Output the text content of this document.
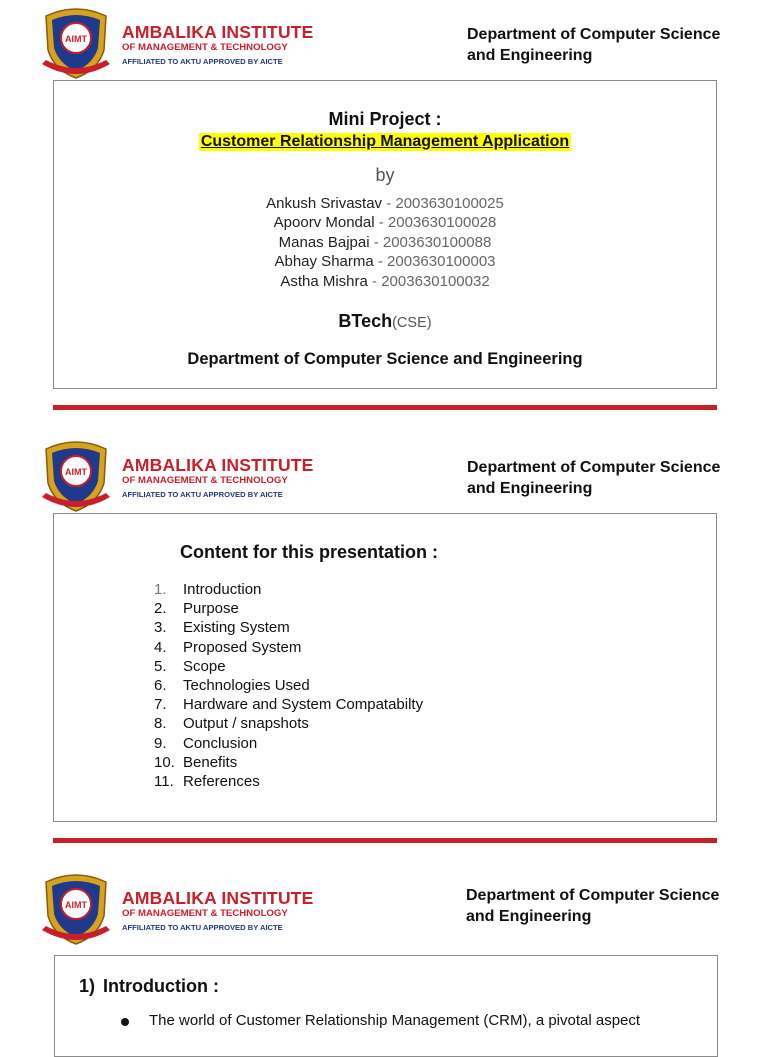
AIMT AMBALIKA INSTITUTE
OF MANAGEMENT & TECHNOLOGY
AFFILIATED TO AKTU APPROVED BY AICTE
Department of Computer Science
and Engineering
Mini Project :
Customer Relationship Management Application
by
Ankush Srivastav - 2003630100025
Apoorv Mondal - 2003630100028
Manas Bajpai - 2003630100088
Abhay Sharma - 2003630100003
Astha Mishra - 2003630100032
BTech(CSE)
Department of Computer Science and Engineering
AIMT AMBALIKA INSTITUTE
OF MANAGEMENT & TECHNOLOGY
AFFILIATED TO AKTU APPROVED BY AICTE
Department of Computer Science
and Engineering
Content for this presentation :
1. Introduction
2. Purpose
3. Existing System
4. Proposed System
5. Scope
6. Technologies Used
7. Hardware and System Compatabilty
8. Output / snapshots
9. Conclusion
10. Benefits
11. References
AIMT AMBALIKA INSTITUTE
OF MANAGEMENT & TECHNOLOGY
AFFILIATED TO AKTU APPROVED BY AICTE
Department of Computer Science
and Engineering
1) Introduction :
The world of Customer Relationship Management (CRM), a pivotal aspect
